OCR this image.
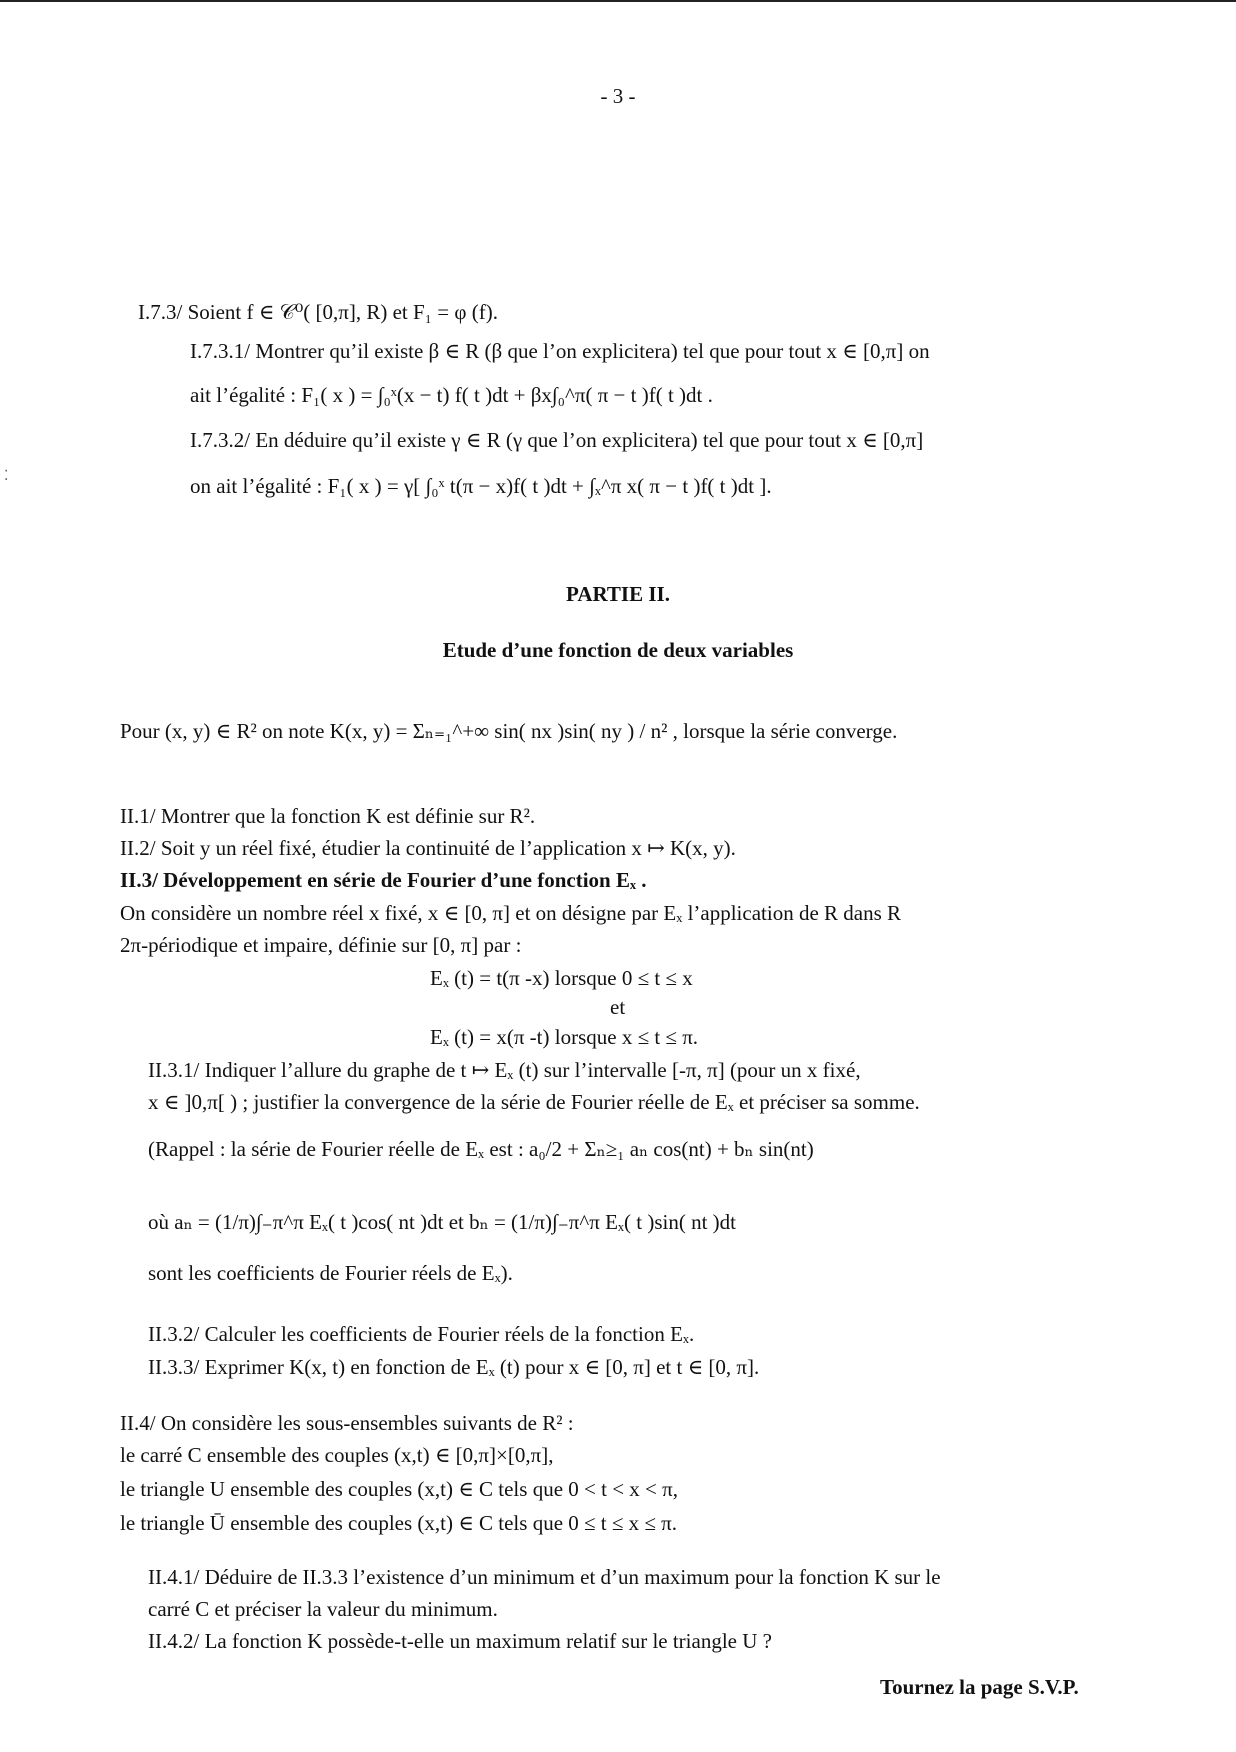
⁚
- 3 -
I.7.3/ Soient f ∈ 𝒞⁰( [0,π], R) et F₁ = φ (f).
I.7.3.1/ Montrer qu’il existe β ∈ R (β que l’on explicitera) tel que pour tout x ∈ [0,π] on
ait l’égalité : F₁( x ) = ∫₀ˣ(x − t) f( t )dt + βx∫₀^π( π − t )f( t )dt .
I.7.3.2/ En déduire qu’il existe γ ∈ R (γ que l’on explicitera) tel que pour tout x ∈ [0,π]
on ait l’égalité : F₁( x ) = γ[ ∫₀ˣ t(π − x)f( t )dt + ∫ₓ^π x( π − t )f( t )dt ].
PARTIE II.
Etude d’une fonction de deux variables
Pour (x, y) ∈ R² on note K(x, y) = Σₙ₌₁^+∞ sin( nx )sin( ny ) / n² , lorsque la série converge.
II.1/ Montrer que la fonction K est définie sur R².
II.2/ Soit y un réel fixé, étudier la continuité de l’application x ↦ K(x, y).
II.3/ Développement en série de Fourier d’une fonction Eₓ .
On considère un nombre réel x fixé, x ∈ [0, π] et on désigne par Eₓ l’application de R dans R
2π-périodique et impaire, définie sur [0, π] par :
Eₓ (t) = t(π -x) lorsque 0 ≤ t ≤ x
et
Eₓ (t) = x(π -t) lorsque x ≤ t ≤ π.
II.3.1/ Indiquer l’allure du graphe de t ↦ Eₓ (t) sur l’intervalle [-π, π] (pour un x fixé,
x ∈ ]0,π[ ) ; justifier la convergence de la série de Fourier réelle de Eₓ et préciser sa somme.
(Rappel : la série de Fourier réelle de Eₓ est : a₀/2 + Σₙ≥₁ aₙ cos(nt) + bₙ sin(nt)
où aₙ = (1/π)∫₋π^π Eₓ( t )cos( nt )dt et bₙ = (1/π)∫₋π^π Eₓ( t )sin( nt )dt
sont les coefficients de Fourier réels de Eₓ).
II.3.2/ Calculer les coefficients de Fourier réels de la fonction Eₓ.
II.3.3/ Exprimer K(x, t) en fonction de Eₓ (t) pour x ∈ [0, π] et t ∈ [0, π].
II.4/ On considère les sous-ensembles suivants de R² :
le carré C ensemble des couples (x,t) ∈ [0,π]×[0,π],
le triangle U ensemble des couples (x,t) ∈ C tels que 0 < t < x < π,
le triangle Ū ensemble des couples (x,t) ∈ C tels que 0 ≤ t ≤ x ≤ π.
II.4.1/ Déduire de II.3.3 l’existence d’un minimum et d’un maximum pour la fonction K sur le
carré C et préciser la valeur du minimum.
II.4.2/ La fonction K possède-t-elle un maximum relatif sur le triangle U ?
Tournez la page S.V.P.
